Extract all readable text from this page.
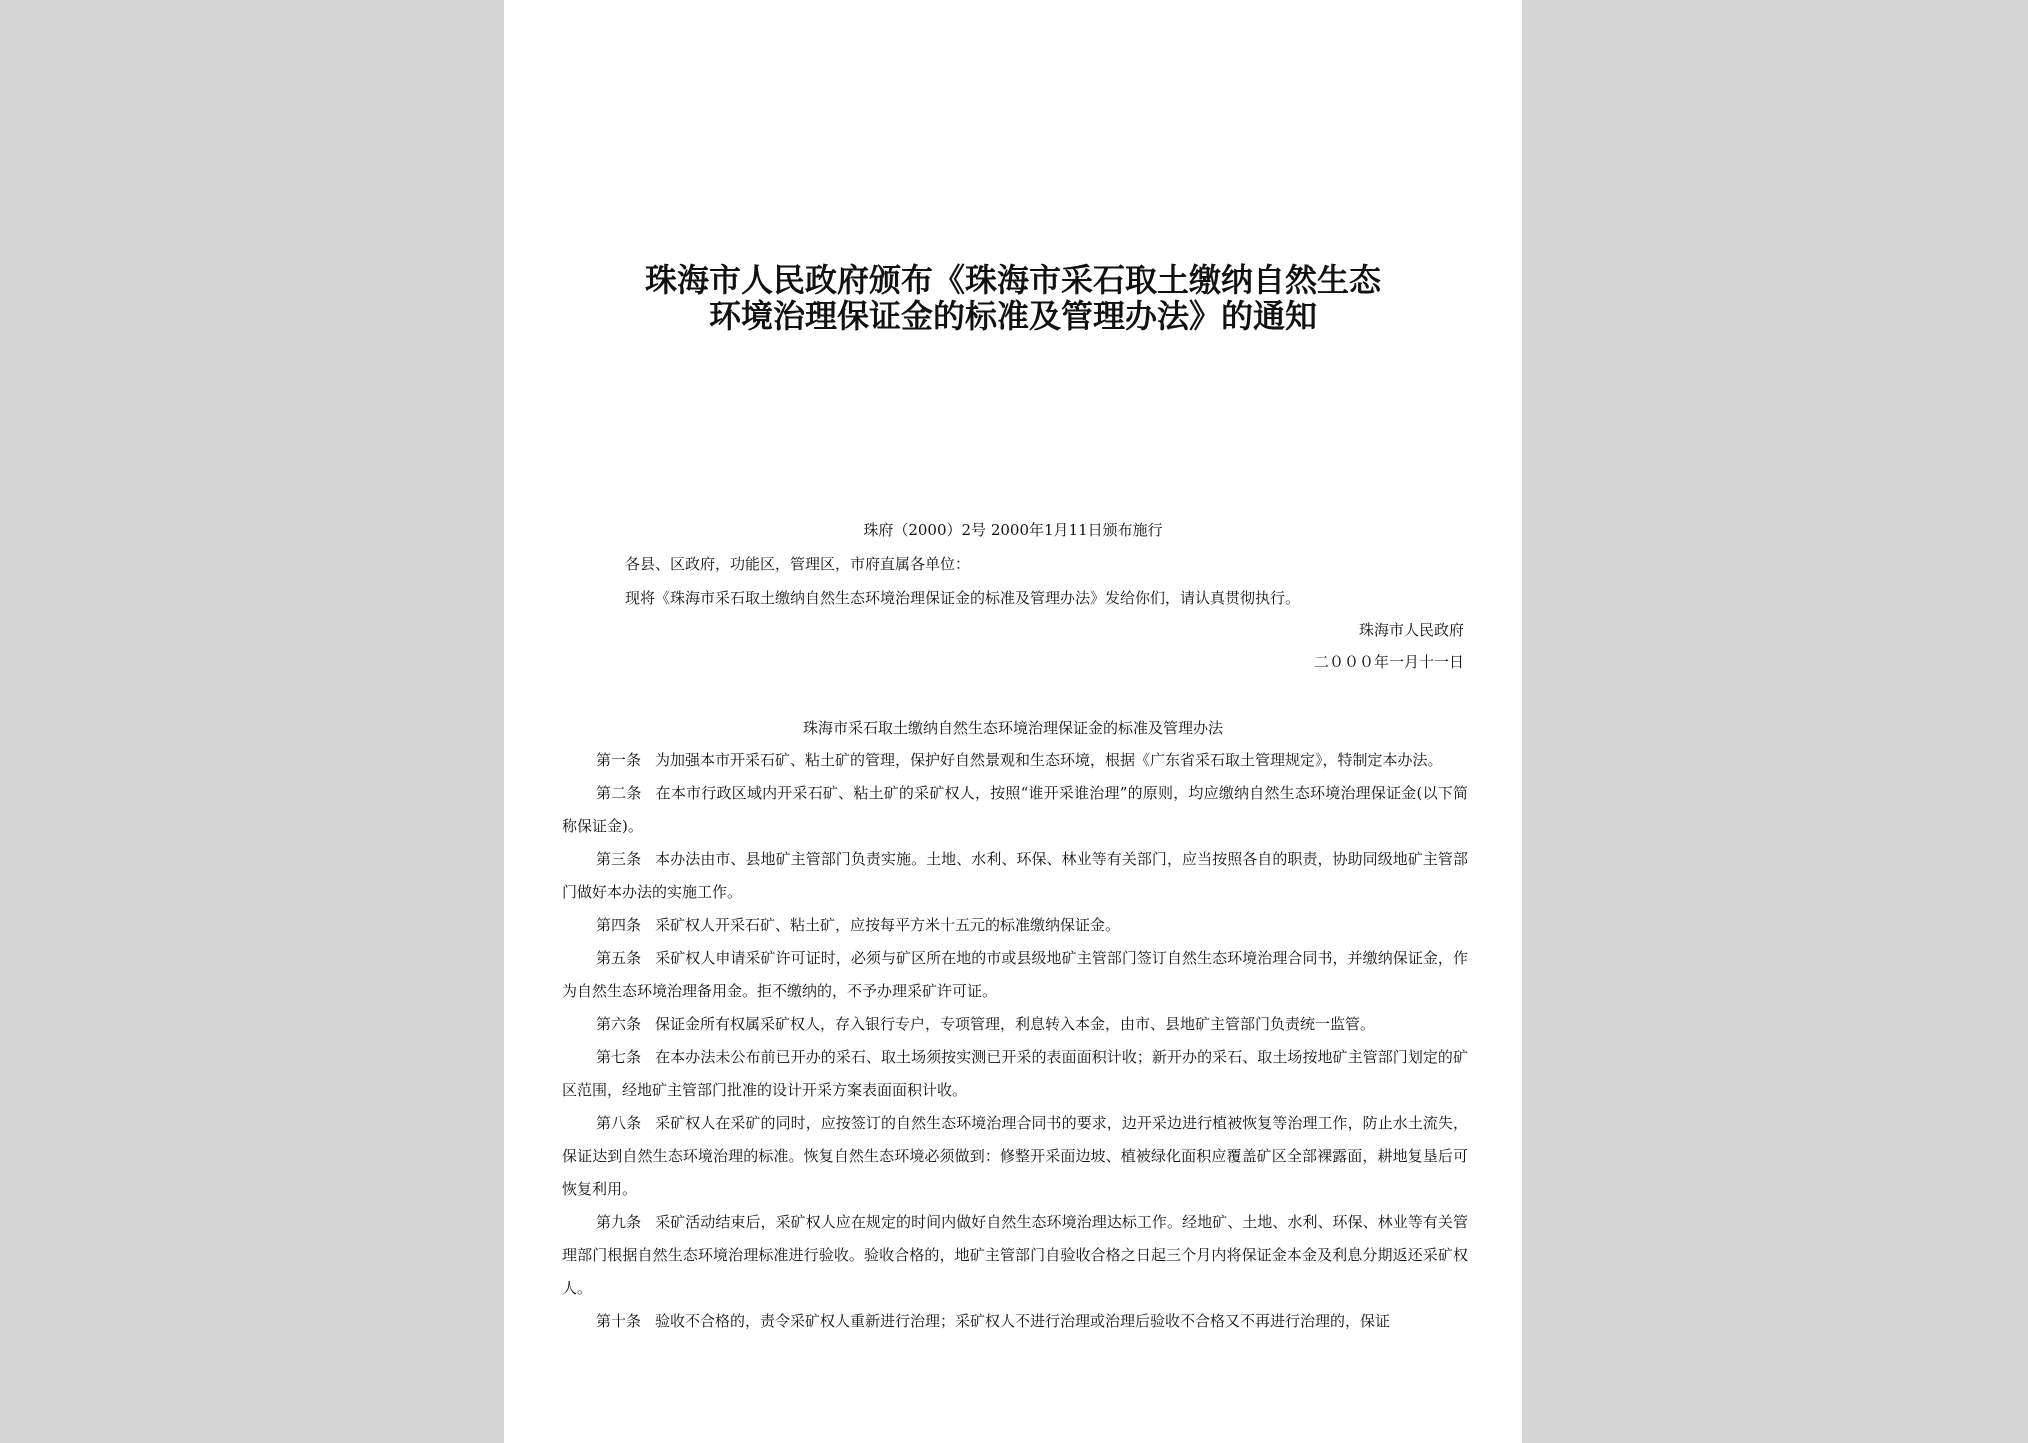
珠海市人民政府颁布《珠海市采石取土缴纳自然生态
环境治理保证金的标准及管理办法》的通知
珠府（2000）2号 2000年1月11日颁布施行
各县、区政府，功能区，管理区，市府直属各单位：
现将《珠海市采石取土缴纳自然生态环境治理保证金的标准及管理办法》发给你们，请认真贯彻执行。
珠海市人民政府
二０００年一月十一日
珠海市采石取土缴纳自然生态环境治理保证金的标准及管理办法

第一条 为加强本市开采石矿、粘土矿的管理，保护好自然景观和生态环境，根据《广东省采石取土管理规定》，特制定本办法。

第二条 在本市行政区域内开采石矿、粘土矿的采矿权人，按照“谁开采谁治理”的原则，均应缴纳自然生态环境治理保证金(以下简称保证金)。

第三条 本办法由市、县地矿主管部门负责实施。土地、水利、环保、林业等有关部门，应当按照各自的职责，协助同级地矿主管部门做好本办法的实施工作。

第四条 采矿权人开采石矿、粘土矿，应按每平方米十五元的标准缴纳保证金。

第五条 采矿权人申请采矿许可证时，必须与矿区所在地的市或县级地矿主管部门签订自然生态环境治理合同书，并缴纳保证金，作为自然生态环境治理备用金。拒不缴纳的，不予办理采矿许可证。

第六条 保证金所有权属采矿权人，存入银行专户，专项管理，利息转入本金，由市、县地矿主管部门负责统一监管。

第七条 在本办法未公布前已开办的采石、取土场须按实测已开采的表面面积计收；新开办的采石、取土场按地矿主管部门划定的矿区范围，经地矿主管部门批准的设计开采方案表面面积计收。

第八条 采矿权人在采矿的同时，应按签订的自然生态环境治理合同书的要求，边开采边进行植被恢复等治理工作，防止水土流失，保证达到自然生态环境治理的标准。恢复自然生态环境必须做到：修整开采面边坡、植被绿化面积应覆盖矿区全部裸露面，耕地复垦后可恢复利用。

第九条 采矿活动结束后，采矿权人应在规定的时间内做好自然生态环境治理达标工作。经地矿、土地、水利、环保、林业等有关管理部门根据自然生态环境治理标准进行验收。验收合格的，地矿主管部门自验收合格之日起三个月内将保证金本金及利息分期返还采矿权人。

第十条 验收不合格的，责令采矿权人重新进行治理；采矿权人不进行治理或治理后验收不合格又不再进行治理的，保证
